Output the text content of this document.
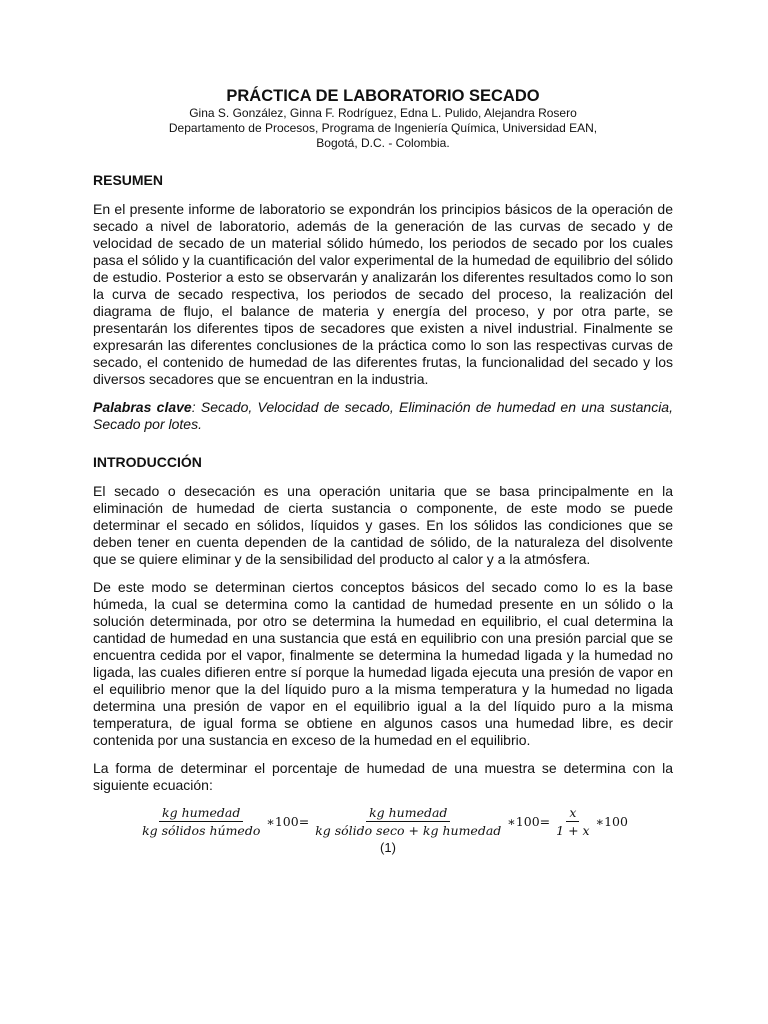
PRÁCTICA DE LABORATORIO SECADO

Gina S. González, Ginna F. Rodríguez, Edna L. Pulido, Alejandra Rosero

Departamento de Procesos, Programa de Ingeniería Química, Universidad EAN,

Bogotá, D.C. - Colombia.

RESUMEN

En el presente informe de laboratorio se expondrán los principios básicos de la operación de secado a nivel de laboratorio, además de la generación de las curvas de secado y de velocidad de secado de un material sólido húmedo, los periodos de secado por los cuales pasa el sólido y la cuantificación del valor experimental de la humedad de equilibrio del sólido de estudio. Posterior a esto se observarán y analizarán los diferentes resultados como lo son la curva de secado respectiva, los periodos de secado del proceso, la realización del diagrama de flujo, el balance de materia y energía del proceso, y por otra parte, se presentarán los diferentes tipos de secadores que existen a nivel industrial. Finalmente se expresarán las diferentes conclusiones de la práctica como lo son las respectivas curvas de secado, el contenido de humedad de las diferentes frutas, la funcionalidad del secado y los diversos secadores que se encuentran en la industria.

Palabras clave: Secado, Velocidad de secado, Eliminación de humedad en una sustancia, Secado por lotes.

INTRODUCCIÓN

El secado o desecación es una operación unitaria que se basa principalmente en la eliminación de humedad de cierta sustancia o componente, de este modo se puede determinar el secado en sólidos, líquidos y gases. En los sólidos las condiciones que se deben tener en cuenta dependen de la cantidad de sólido, de la naturaleza del disolvente que se quiere eliminar y de la sensibilidad del producto al calor y a la atmósfera.

De este modo se determinan ciertos conceptos básicos del secado como lo es la base húmeda, la cual se determina como la cantidad de humedad presente en un sólido o la solución determinada, por otro se determina la humedad en equilibrio, el cual determina la cantidad de humedad en una sustancia que está en equilibrio con una presión parcial que se encuentra cedida por el vapor, finalmente se determina la humedad ligada y la humedad no ligada, las cuales difieren entre sí porque la humedad ligada ejecuta una presión de vapor en el equilibrio menor que la del líquido puro a la misma temperatura y la humedad no ligada determina una presión de vapor en el equilibrio igual a la del líquido puro a la misma temperatura, de igual forma se obtiene en algunos casos una humedad libre, es decir contenida por una sustancia en exceso de la humedad en el equilibrio.

La forma de determinar el porcentaje de humedad de una muestra se determina con la siguiente ecuación:

$\frac{\text{kg humedad}}{\text{kg sólidos húmedo}}$ ∗100= $\frac{\text{kg humedad}}{\text{kg sólido seco + kg humedad}}$ ∗100= $\frac{x}{1 + x}$ ∗100
(1)
